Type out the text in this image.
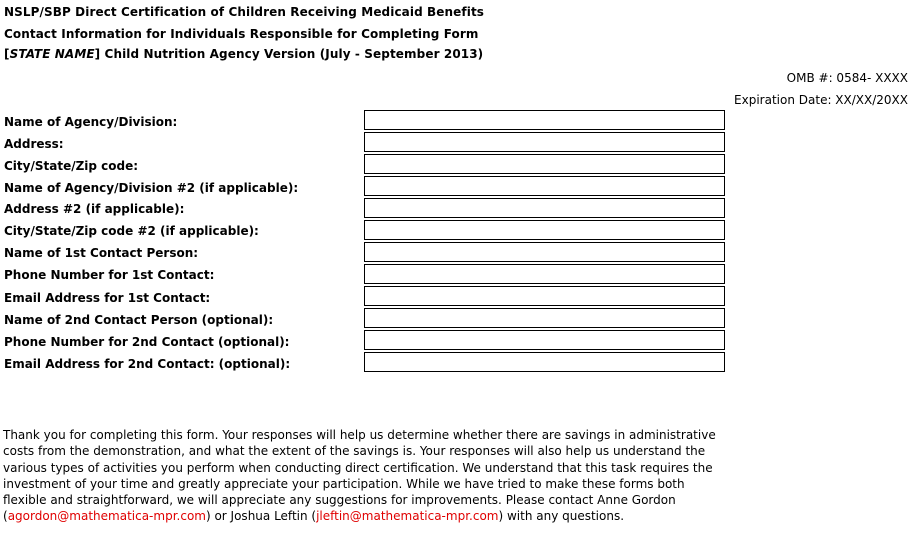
NSLP/SBP Direct Certification of Children Receiving Medicaid Benefits
Contact Information for Individuals Responsible for Completing Form
[STATE NAME] Child Nutrition Agency Version (July - September 2013)
OMB #: 0584- XXXX
Expiration Date: XX/XX/20XX
Name of Agency/Division:
Address:
City/State/Zip code:
Name of Agency/Division #2 (if applicable):
Address #2 (if applicable):
City/State/Zip code #2 (if applicable):
Name of 1st Contact Person:
Phone Number for 1st Contact:
Email Address for 1st Contact:
Name of 2nd Contact Person (optional):
Phone Number for 2nd Contact (optional):
Email Address for 2nd Contact: (optional):
Thank you for completing this form. Your responses will help us determine whether there are savings in administrative
costs from the demonstration, and what the extent of the savings is. Your responses will also help us understand the
various types of activities you perform when conducting direct certification. We understand that this task requires the
investment of your time and greatly appreciate your participation. While we have tried to make these forms both
flexible and straightforward, we will appreciate any suggestions for improvements. Please contact Anne Gordon
(agordon@mathematica-mpr.com) or Joshua Leftin (jleftin@mathematica-mpr.com) with any questions.
